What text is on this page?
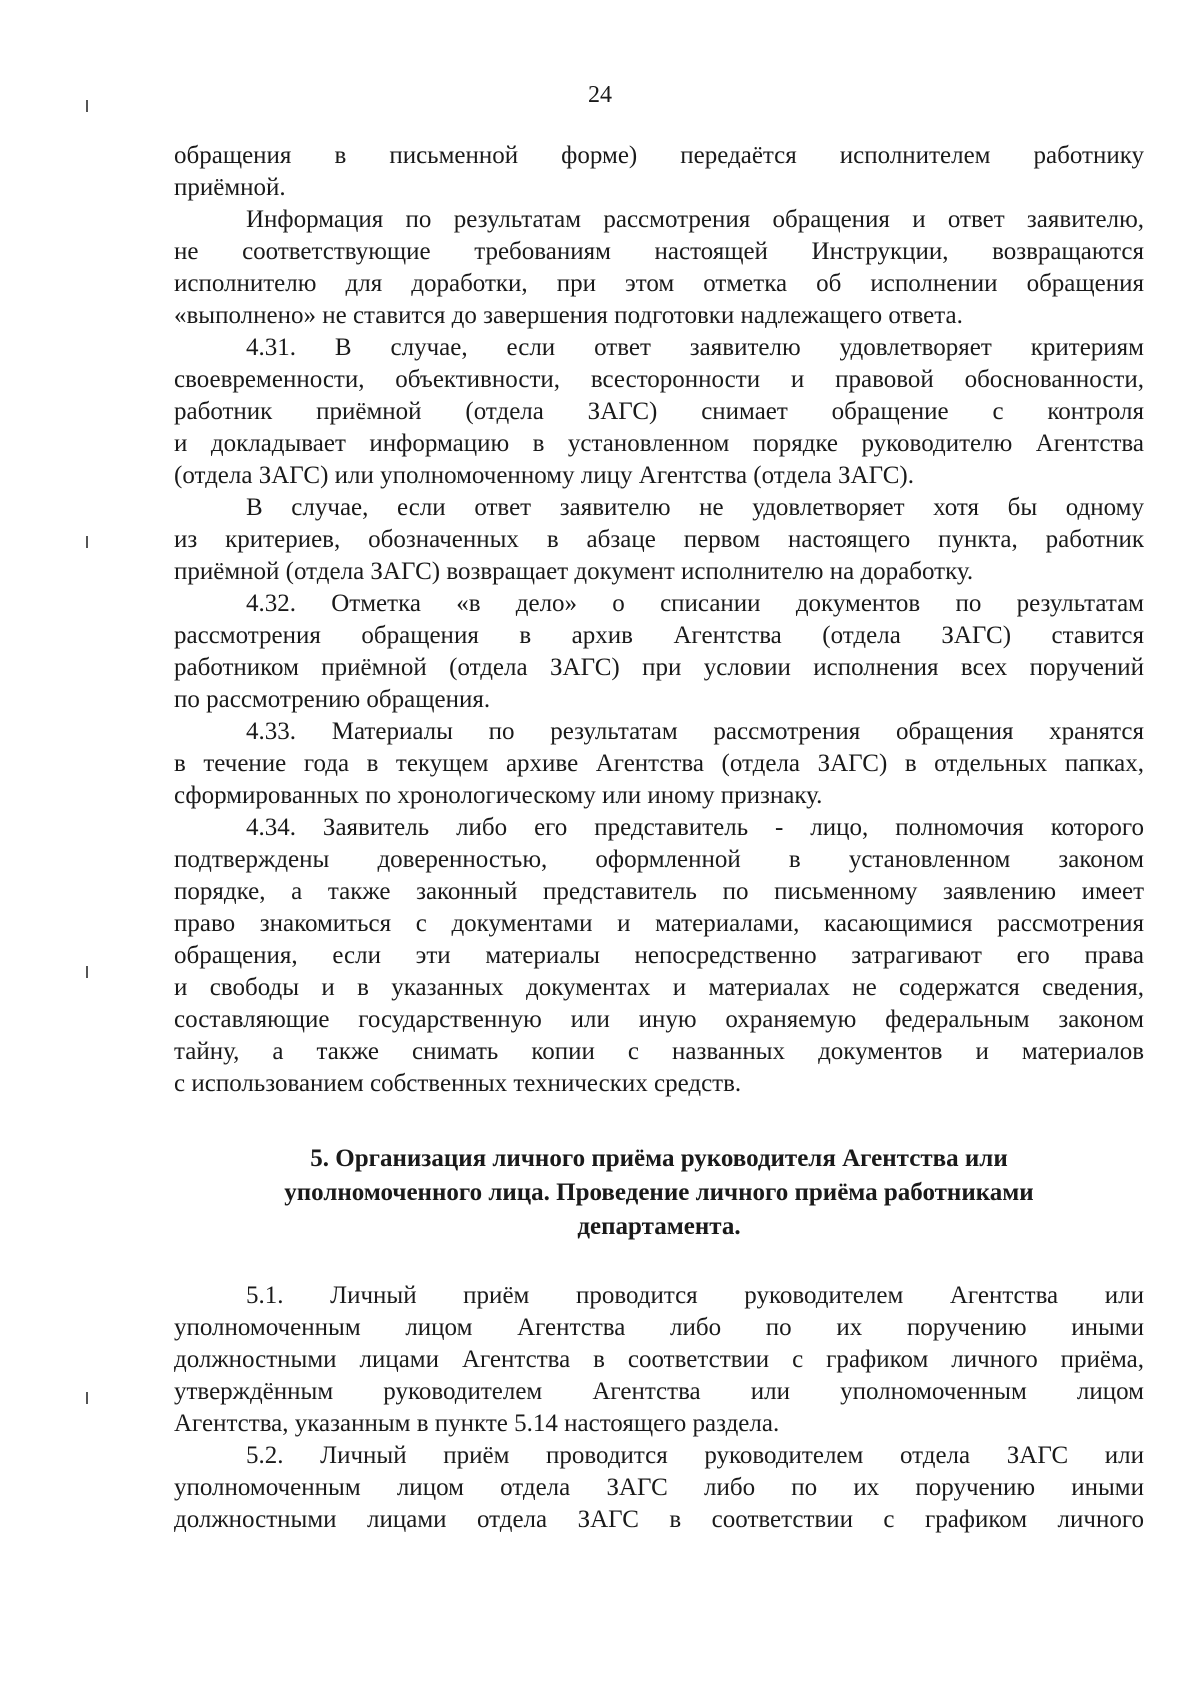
24
обращения в письменной форме) передаётся исполнителем работнику
приёмной.
Информация по результатам рассмотрения обращения и ответ заявителю,
не соответствующие требованиям настоящей Инструкции, возвращаются
исполнителю для доработки, при этом отметка об исполнении обращения
«выполнено» не ставится до завершения подготовки надлежащего ответа.
4.31. В случае, если ответ заявителю удовлетворяет критериям
своевременности, объективности, всесторонности и правовой обоснованности,
работник приёмной (отдела ЗАГС) снимает обращение с контроля
и докладывает информацию в установленном порядке руководителю Агентства
(отдела ЗАГС) или уполномоченному лицу Агентства (отдела ЗАГС).
В случае, если ответ заявителю не удовлетворяет хотя бы одному
из критериев, обозначенных в абзаце первом настоящего пункта, работник
приёмной (отдела ЗАГС) возвращает документ исполнителю на доработку.
4.32. Отметка «в дело» о списании документов по результатам
рассмотрения обращения в архив Агентства (отдела ЗАГС) ставится
работником приёмной (отдела ЗАГС) при условии исполнения всех поручений
по рассмотрению обращения.
4.33. Материалы по результатам рассмотрения обращения хранятся
в течение года в текущем архиве Агентства (отдела ЗАГС) в отдельных папках,
сформированных по хронологическому или иному признаку.
4.34. Заявитель либо его представитель - лицо, полномочия которого
подтверждены доверенностью, оформленной в установленном законом
порядке, а также законный представитель по письменному заявлению имеет
право знакомиться с документами и материалами, касающимися рассмотрения
обращения, если эти материалы непосредственно затрагивают его права
и свободы и в указанных документах и материалах не содержатся сведения,
составляющие государственную или иную охраняемую федеральным законом
тайну, а также снимать копии с названных документов и материалов
с использованием собственных технических средств.
5. Организация личного приёма руководителя Агентства или
уполномоченного лица. Проведение личного приёма работниками
департамента.
5.1. Личный приём проводится руководителем Агентства или
уполномоченным лицом Агентства либо по их поручению иными
должностными лицами Агентства в соответствии с графиком личного приёма,
утверждённым руководителем Агентства или уполномоченным лицом
Агентства, указанным в пункте 5.14 настоящего раздела.
5.2. Личный приём проводится руководителем отдела ЗАГС или
уполномоченным лицом отдела ЗАГС либо по их поручению иными
должностными лицами отдела ЗАГС в соответствии с графиком личного
